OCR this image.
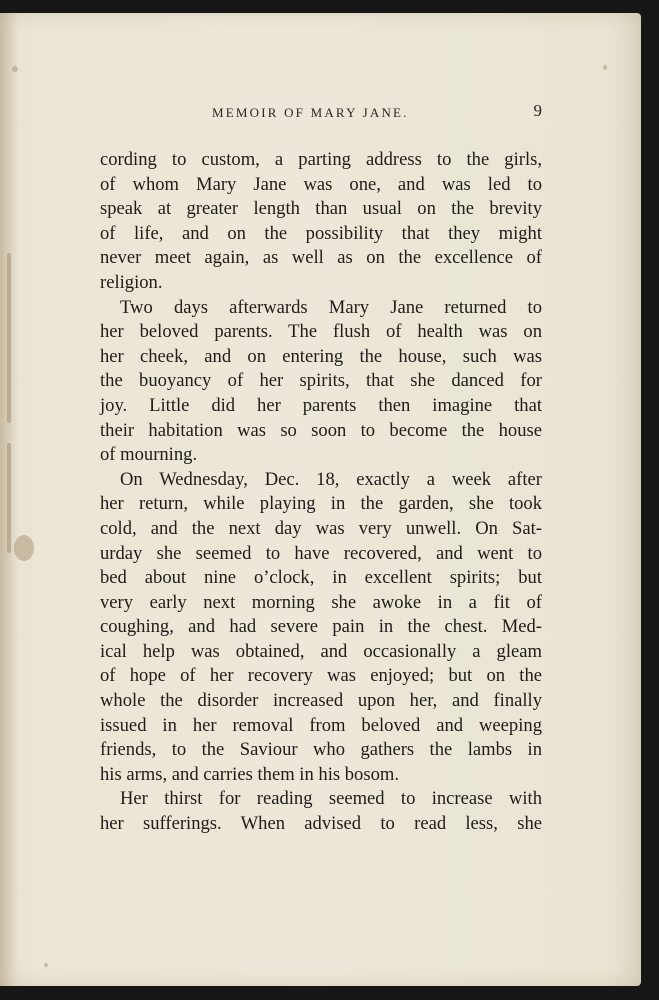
MEMOIR OF MARY JANE.	9
cording to custom, a parting address to the girls,
of whom Mary Jane was one, and was led to
speak at greater length than usual on the brevity
of life, and on the possibility that they might
never meet again, as well as on the excellence of
religion.
Two days afterwards Mary Jane returned to
her beloved parents. The flush of health was on
her cheek, and on entering the house, such was
the buoyancy of her spirits, that she danced for
joy. Little did her parents then imagine that
their habitation was so soon to become the house
of mourning.
On Wednesday, Dec. 18, exactly a week after
her return, while playing in the garden, she took
cold, and the next day was very unwell. On Sat-
urday she seemed to have recovered, and went to
bed about nine o’clock, in excellent spirits; but
very early next morning she awoke in a fit of
coughing, and had severe pain in the chest. Med-
ical help was obtained, and occasionally a gleam
of hope of her recovery was enjoyed; but on the
whole the disorder increased upon her, and finally
issued in her removal from beloved and weeping
friends, to the Saviour who gathers the lambs in
his arms, and carries them in his bosom.
Her thirst for reading seemed to increase with
her sufferings. When advised to read less, she
